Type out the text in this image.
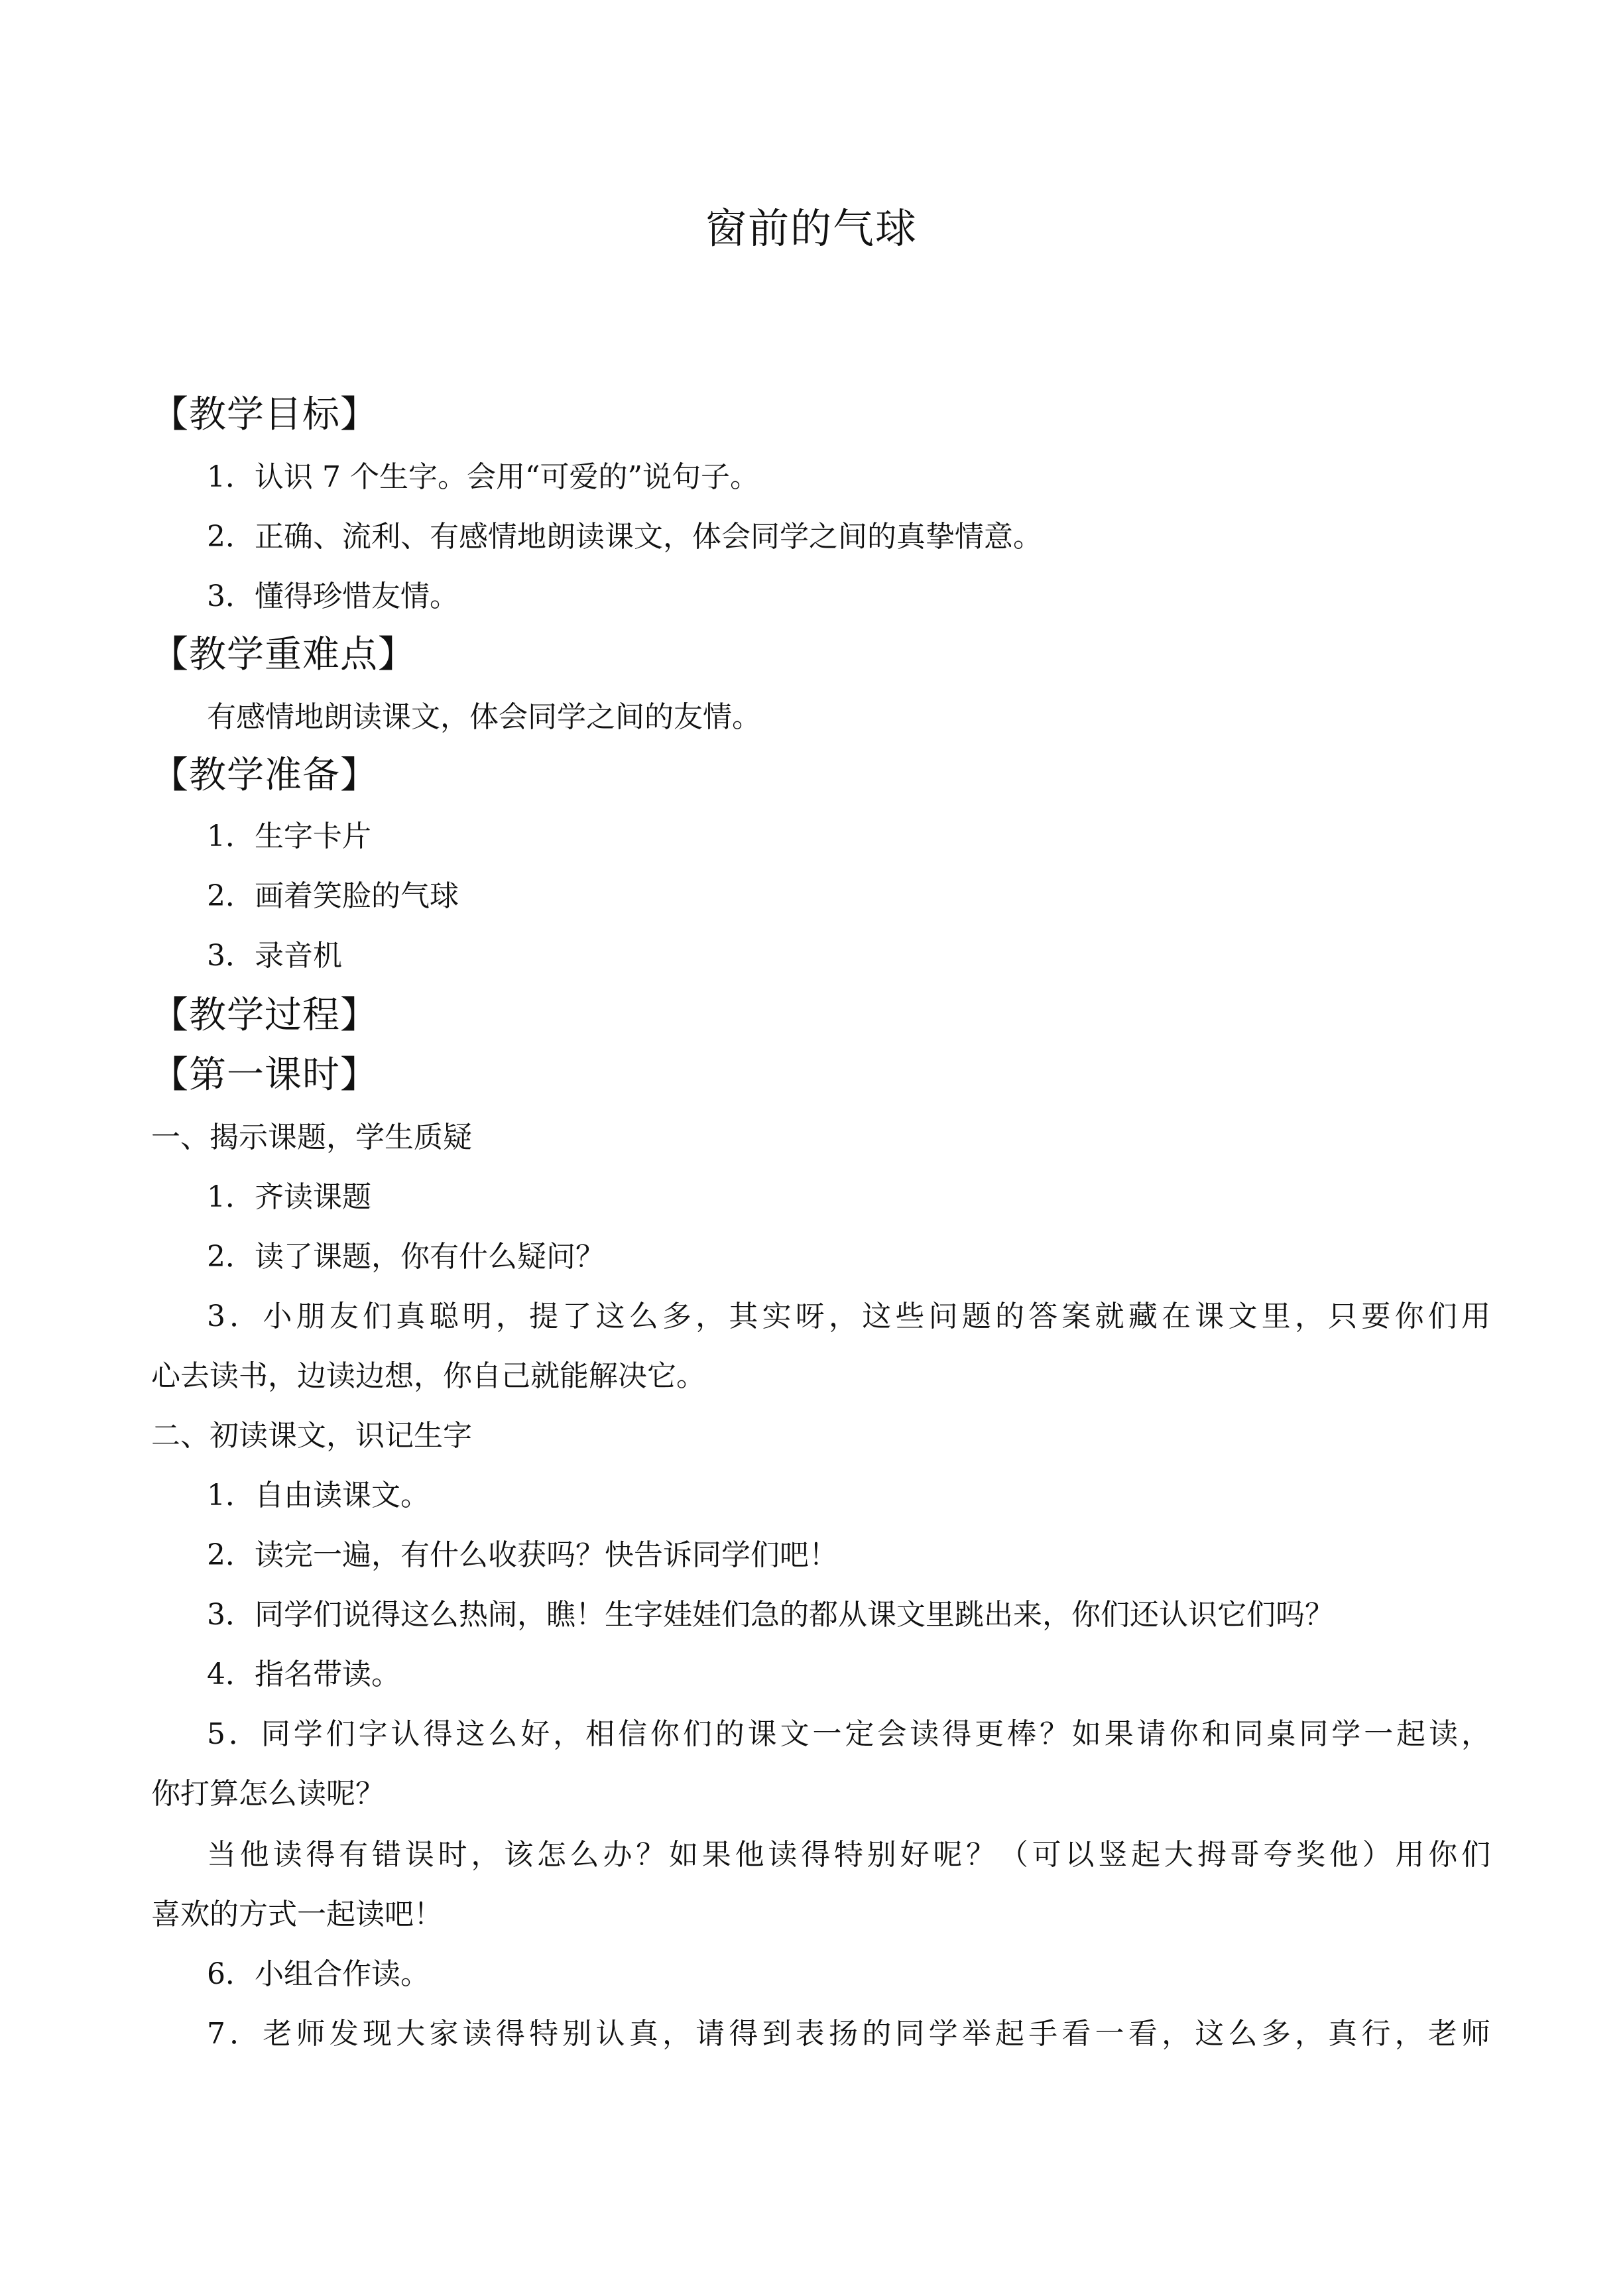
窗前的气球
【教学目标】
1．认识 7 个生字。会用“可爱的”说句子。
2．正确、流利、有感情地朗读课文，体会同学之间的真挚情意。
3．懂得珍惜友情。
【教学重难点】
有感情地朗读课文，体会同学之间的友情。
【教学准备】
1．生字卡片
2．画着笑脸的气球
3．录音机
【教学过程】
【第一课时】
一、揭示课题，学生质疑
1．齐读课题
2．读了课题，你有什么疑问？
3．小朋友们真聪明，提了这么多，其实呀，这些问题的答案就藏在课文里，只要你们用
心去读书，边读边想，你自己就能解决它。
二、初读课文，识记生字
1．自由读课文。
2．读完一遍，有什么收获吗？快告诉同学们吧！
3．同学们说得这么热闹，瞧！生字娃娃们急的都从课文里跳出来，你们还认识它们吗？
4．指名带读。
5．同学们字认得这么好，相信你们的课文一定会读得更棒？如果请你和同桌同学一起读，
你打算怎么读呢？
当他读得有错误时，该怎么办？如果他读得特别好呢？（可以竖起大拇哥夸奖他）用你们
喜欢的方式一起读吧！
6．小组合作读。
7．老师发现大家读得特别认真，请得到表扬的同学举起手看一看，这么多，真行，老师
